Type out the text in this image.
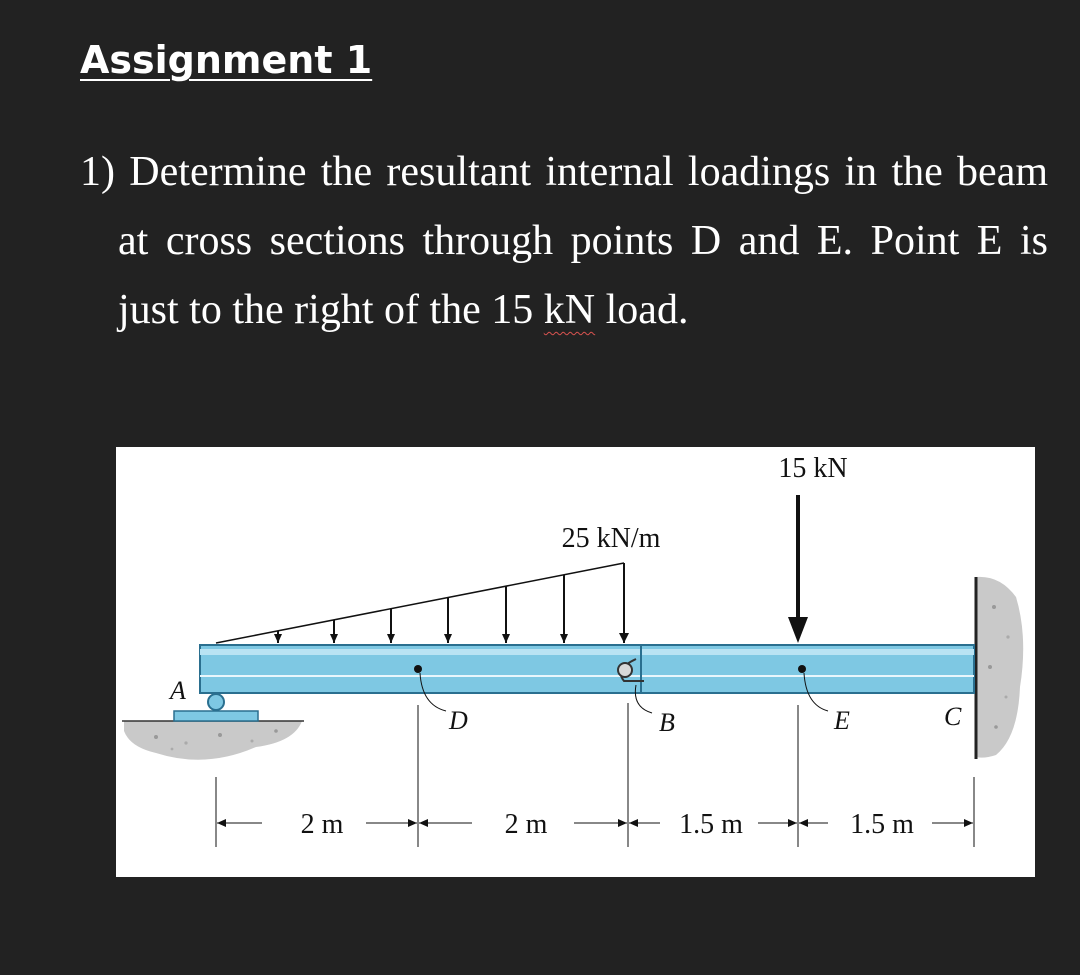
Assignment 1
1) Determine the resultant internal loadings in the beam at cross sections through points D and E. Point E is just to the right of the 15 kN load.
25 kN/m
15 kN
A
D	B	E	C
2 m	2 m	1.5 m	1.5 m
